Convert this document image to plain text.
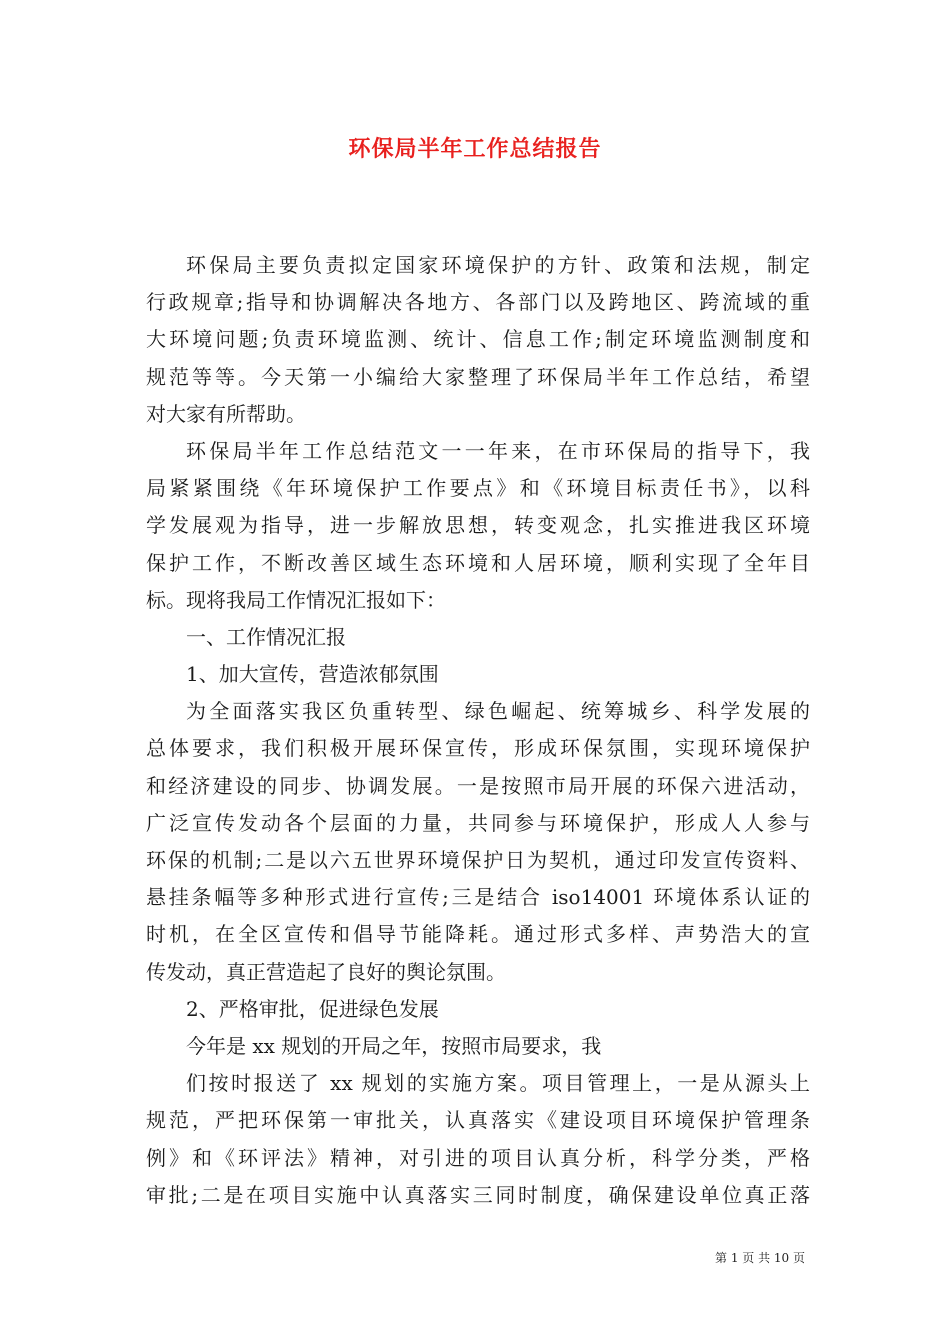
环保局半年工作总结报告
环保局主要负责拟定国家环境保护的方针、政策和法规，制定
行政规章;指导和协调解决各地方、各部门以及跨地区、跨流域的重
大环境问题;负责环境监测、统计、信息工作;制定环境监测制度和
规范等等。今天第一小编给大家整理了环保局半年工作总结，希望
对大家有所帮助。
环保局半年工作总结范文一一年来，在市环保局的指导下，我
局紧紧围绕《年环境保护工作要点》和《环境目标责任书》，以科
学发展观为指导，进一步解放思想，转变观念，扎实推进我区环境
保护工作，不断改善区域生态环境和人居环境，顺利实现了全年目
标。现将我局工作情况汇报如下：
一、工作情况汇报
1、加大宣传，营造浓郁氛围
为全面落实我区负重转型、绿色崛起、统筹城乡、科学发展的
总体要求，我们积极开展环保宣传，形成环保氛围，实现环境保护
和经济建设的同步、协调发展。一是按照市局开展的环保六进活动，
广泛宣传发动各个层面的力量，共同参与环境保护，形成人人参与
环保的机制;二是以六五世界环境保护日为契机，通过印发宣传资料、
悬挂条幅等多种形式进行宣传;三是结合 iso14001 环境体系认证的
时机，在全区宣传和倡导节能降耗。通过形式多样、声势浩大的宣
传发动，真正营造起了良好的舆论氛围。
2、严格审批，促进绿色发展
今年是 xx 规划的开局之年，按照市局要求，我
们按时报送了 xx 规划的实施方案。项目管理上，一是从源头上
规范，严把环保第一审批关，认真落实《建设项目环境保护管理条
例》和《环评法》精神，对引进的项目认真分析，科学分类，严格
审批;二是在项目实施中认真落实三同时制度，确保建设单位真正落
第 1 页 共 10 页
